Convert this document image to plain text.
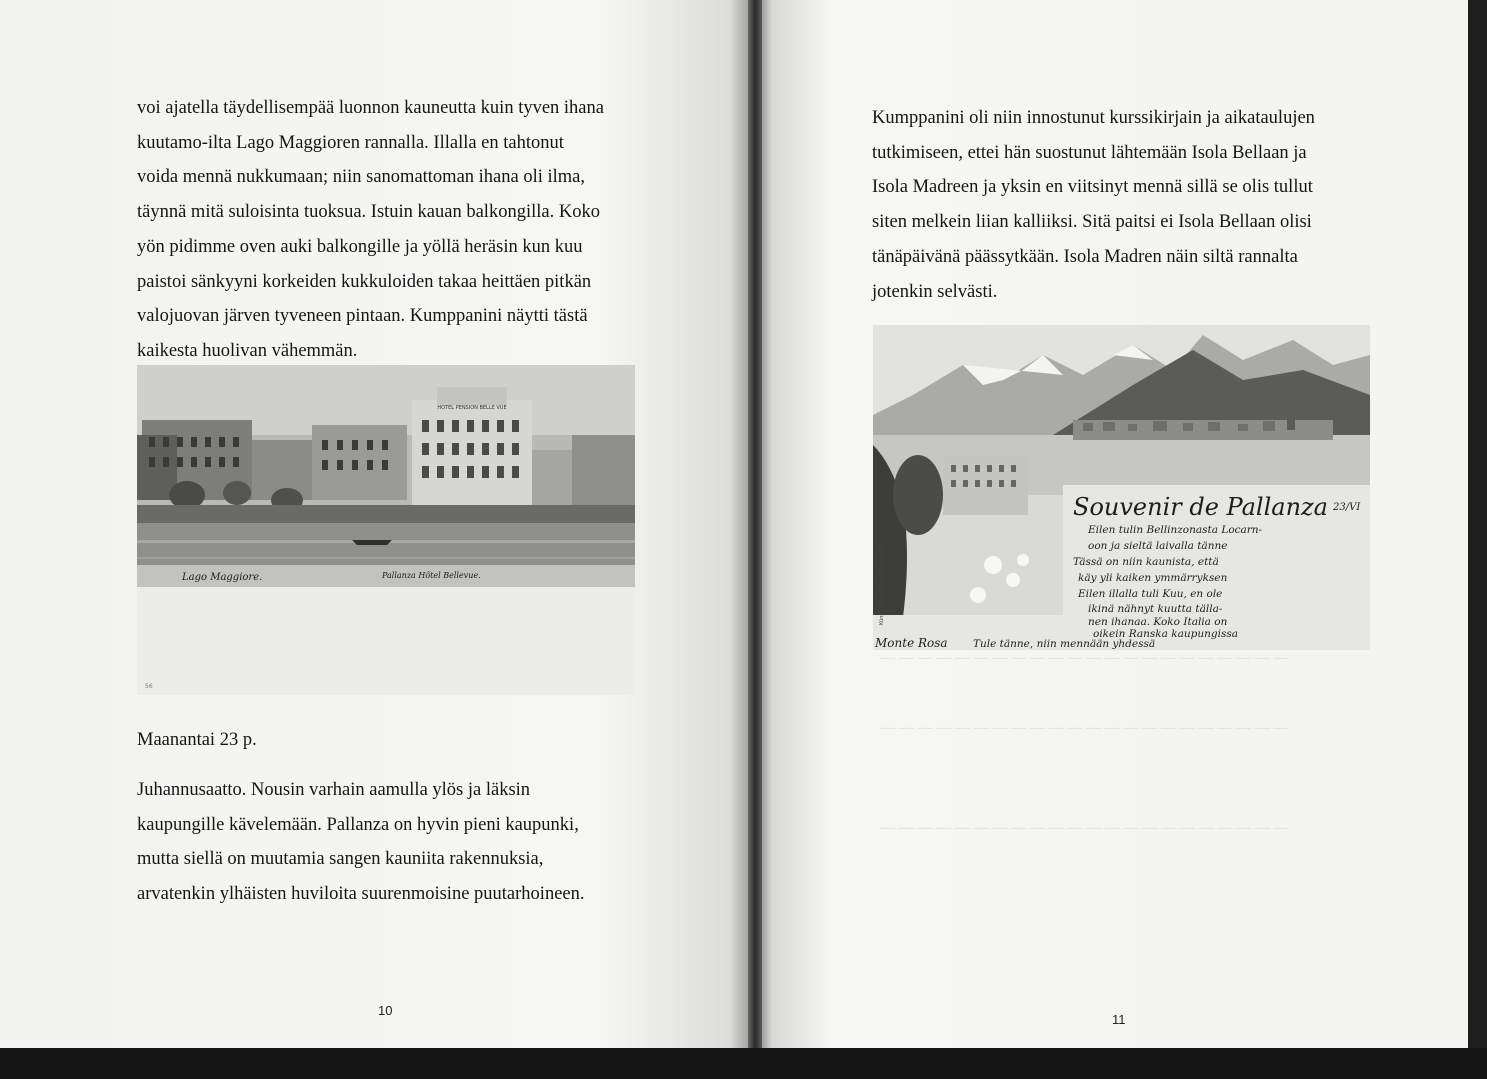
— — — — — — — — — — — — — — — — — — — — — —
— — — — — — — — — — — — — — — — — — — — — —
— — — — — — — — — — — — — — — — — — — — — —
voi ajatella täydellisempää luonnon kauneutta kuin tyven ihana
kuutamo-ilta Lago Maggioren rannalla. Illalla en tahtonut
voida mennä nukkumaan; niin sanomattoman ihana oli ilma,
täynnä mitä suloisinta tuoksua. Istuin kauan balkongilla. Koko
yön pidimme oven auki balkongille ja yöllä heräsin kun kuu
paistoi sänkyyni korkeiden kukkuloiden takaa heittäen pitkän
valojuovan järven tyveneen pintaan. Kumppanini näytti tästä
kaikesta huolivan vähemmän.
HOTEL PENSION BELLE VUE
Lago Maggiore.	Pallanza Hôtel Bellevue.
56
Maanantai 23 p.
Juhannusaatto. Nousin varhain aamulla ylös ja läksin
kaupungille kävelemään. Pallanza on hyvin pieni kaupunki,
mutta siellä on muutamia sangen kauniita rakennuksia,
arvatenkin ylhäisten huviloita suurenmoisine puutarhoineen.
10
Kumppanini oli niin innostunut kurssikirjain ja aikataulujen
tutkimiseen, ettei hän suostunut lähtemään Isola Bellaan ja
Isola Madreen ja yksin en viitsinyt mennä sillä se olis tullut
siten melkein liian kalliiksi. Sitä paitsi ei Isola Bellaan olisi
tänäpäivänä päässytkään. Isola Madren näin siltä rannalta
jotenkin selvästi.
Souvenir de Pallanza 23/VI
Eilen tulin Bellinzonasta Locarn-
oon ja sieltä laivalla tänne
Tässä on niin kaunista, että
käy yli kaiken ymmärryksen
Eilen illalla tuli Kuu, en ole
ikinä nähnyt kuutta tälla-
nen ihanaa. Koko Italia on
oikein Ranska kaupungissa
Tule tänne, niin mennään yhdessä
Monte Rosa
Künzli Frères, Zürich. Dépose No.
11
